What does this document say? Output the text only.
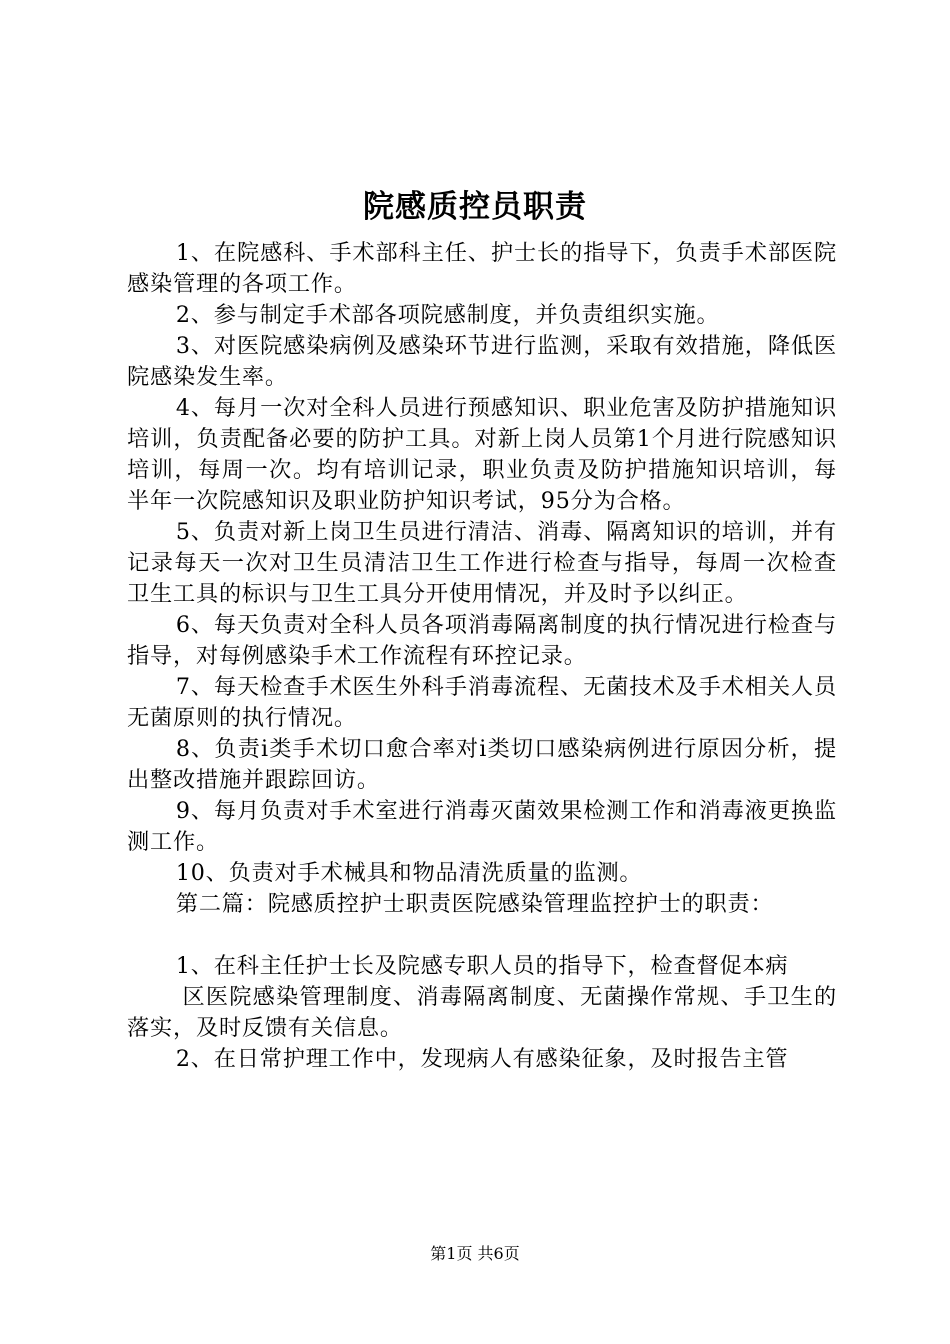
院感质控员职责

1、在院感科、手术部科主任、护士长的指导下，负责手术部医院感染管理的各项工作。

2、参与制定手术部各项院感制度，并负责组织实施。

3、对医院感染病例及感染环节进行监测，采取有效措施，降低医院感染发生率。

4、每月一次对全科人员进行预感知识、职业危害及防护措施知识培训，负责配备必要的防护工具。对新上岗人员第1个月进行院感知识培训，每周一次。均有培训记录，职业负责及防护措施知识培训，每半年一次院感知识及职业防护知识考试，95分为合格。

5、负责对新上岗卫生员进行清洁、消毒、隔离知识的培训，并有记录每天一次对卫生员清洁卫生工作进行检查与指导，每周一次检查卫生工具的标识与卫生工具分开使用情况，并及时予以纠正。

6、每天负责对全科人员各项消毒隔离制度的执行情况进行检查与指导，对每例感染手术工作流程有环控记录。

7、每天检查手术医生外科手消毒流程、无菌技术及手术相关人员无菌原则的执行情况。

8、负责ⅰ类手术切口愈合率对ⅰ类切口感染病例进行原因分析，提出整改措施并跟踪回访。

9、每月负责对手术室进行消毒灭菌效果检测工作和消毒液更换监测工作。

10、负责对手术械具和物品清洗质量的监测。

第二篇：院感质控护士职责医院感染管理监控护士的职责：

1、在科主任护士长及院感专职人员的指导下，检查督促本病

区医院感染管理制度、消毒隔离制度、无菌操作常规、手卫生的落实，及时反馈有关信息。

2、在日常护理工作中，发现病人有感染征象，及时报告主管

第1页 共6页
